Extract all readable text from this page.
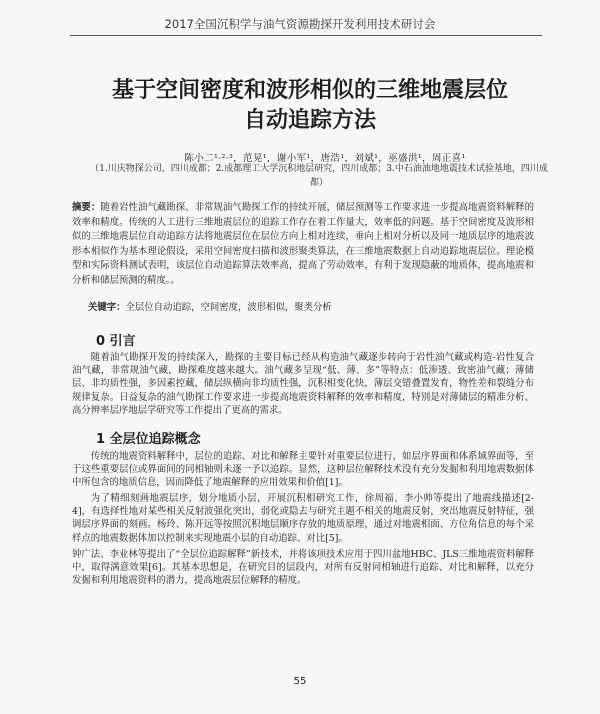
2017全国沉积学与油气资源勘探开发利用技术研讨会
基于空间密度和波形相似的三维地震层位
自动追踪方法
陈小二¹·²·³，范晃¹，谢小军¹，唐浩¹，刘斌¹，巫盛洪¹，周正喜¹
（1.川庆物探公司，四川成都；2.成都理工大学沉积地层研究，四川成都；3.中石油油地地震技术试验基地，四川成都）
摘要：随着岩性油气藏勘探、非常规油气勘探工作的持续开展，储层预测等工作要求进一步提高地震资料解释的效率和精度。传统的人工进行三维地震层位的追踪工作存在着工作量大，效率低的问题。基于空间密度及波形相似的三维地震层位自动追踪方法将地震层位在层位方向上相对连续，垂向上相对分析以及同一地质层序的地震波形本相似作为基本理论假设，采用空间密度扫描和波形聚类算法，在三维地震数据上自动追踪地震层位。理论模型和实际资料测试表明，该层位自动追踪算法效率高，提高了劳动效率，有利于发现隐蔽的地质体，提高地震和分析和储层预测的精度。。
关键字：全层位自动追踪，空间密度，波形相似，聚类分析
0 引言
随着油气勘探开发的持续深入，勘探的主要目标已经从构造油气藏逐步转向于岩性油气藏或构造-岩性复合油气藏，非常规油气藏，勘探难度越来越大。油气藏多呈现“低、薄、多”等特点：低渗透、致密油气藏；薄储层、非均质性强，多因素控藏，储层纵横向非均质性强，沉积相变化快，薄层交错叠置发育，物性差和裂缝分布规律复杂。日益复杂的油气勘探工作要求进一步提高地震资料解释的效率和精度，特别是对薄储层的精准分析、高分辨率层序地层学研究等工作提出了更高的需求。
1 全层位追踪概念
传统的地震资料解释中，层位的追踪、对比和解释主要针对重要层位进行，如层序界面和体系域界面等，至于这些重要层位或界面间的同相轴则未逐一予以追踪。显然，这种层位解释技术没有充分发掘和利用地震数据体中所包含的地质信息，因而降低了地震解释的应用效果和价值[1]。
为了精细刻画地震层序，划分地质小层，开展沉积相研究工作，徐周福、李小帅等提出了地震线描述[2-4]，有选择性地对某些相关反射波强化突出，弱化或隐去与研究主题不相关的地震反射，突出地震反射特征，强调层序界面的刻画。杨玲、陈开远等按照沉积地层顺序存放的地质原理，通过对地震相面、方位角信息的每个采样点的地震数据体加以控制来实现地震小层的自动追踪、对比[5]。
钟广法、李业林等提出了“全层位追踪解释”新技术，并将该项技术应用于四川盆地HBC、JLS三维地震资料解释中，取得满意效果[6]。其基本思想是，在研究目的层段内，对所有反射同相轴进行追踪、对比和解释，以充分发掘和利用地震资料的潜力，提高地震层位解释的精度。
55
